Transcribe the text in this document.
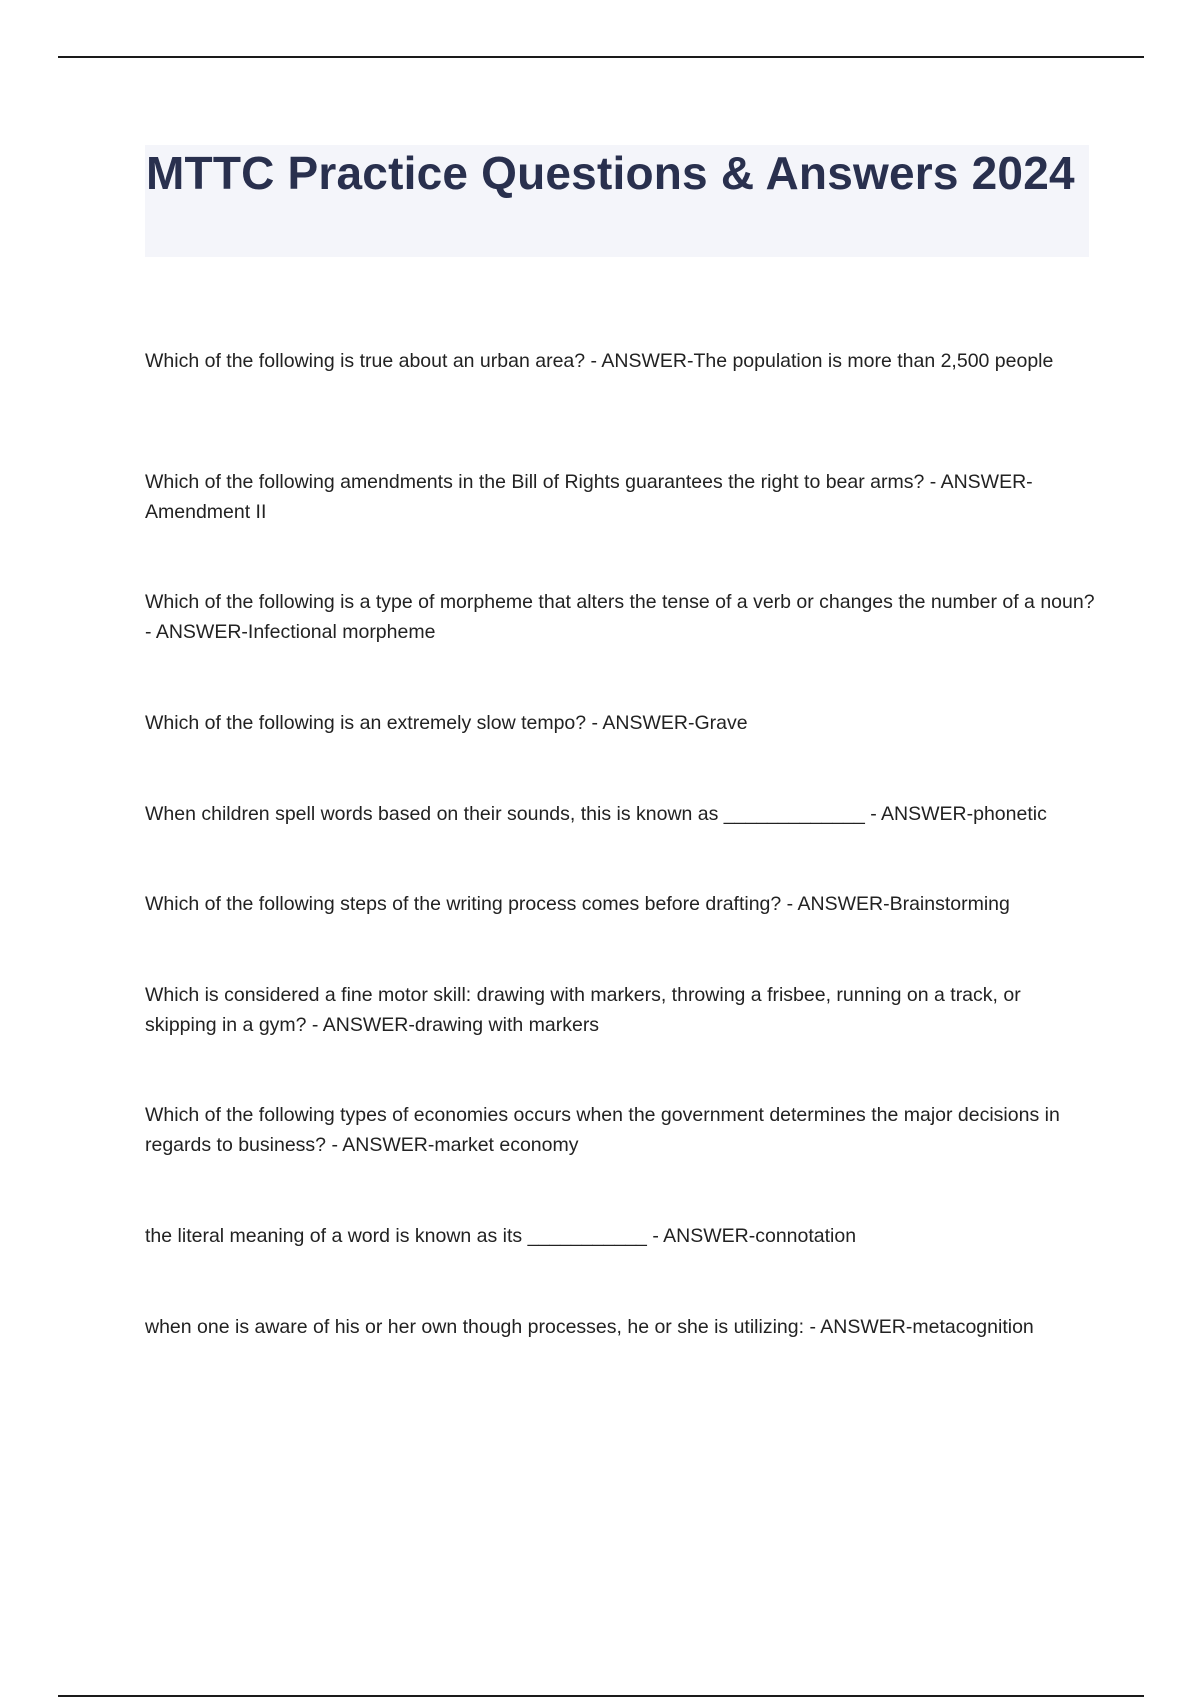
MTTC Practice Questions & Answers 2024

Which of the following is true about an urban area? - ANSWER-The population is more than 2,500 people

Which of the following amendments in the Bill of Rights guarantees the right to bear arms? - ANSWER-Amendment II

Which of the following is a type of morpheme that alters the tense of a verb or changes the number of a noun? - ANSWER-Infectional morpheme

Which of the following is an extremely slow tempo? - ANSWER-Grave

When children spell words based on their sounds, this is known as _____________ - ANSWER-phonetic

Which of the following steps of the writing process comes before drafting? - ANSWER-Brainstorming

Which is considered a fine motor skill: drawing with markers, throwing a frisbee, running on a track, or skipping in a gym? - ANSWER-drawing with markers

Which of the following types of economies occurs when the government determines the major decisions in regards to business? - ANSWER-market economy

the literal meaning of a word is known as its ___________ - ANSWER-connotation

when one is aware of his or her own though processes, he or she is utilizing: - ANSWER-metacognition
